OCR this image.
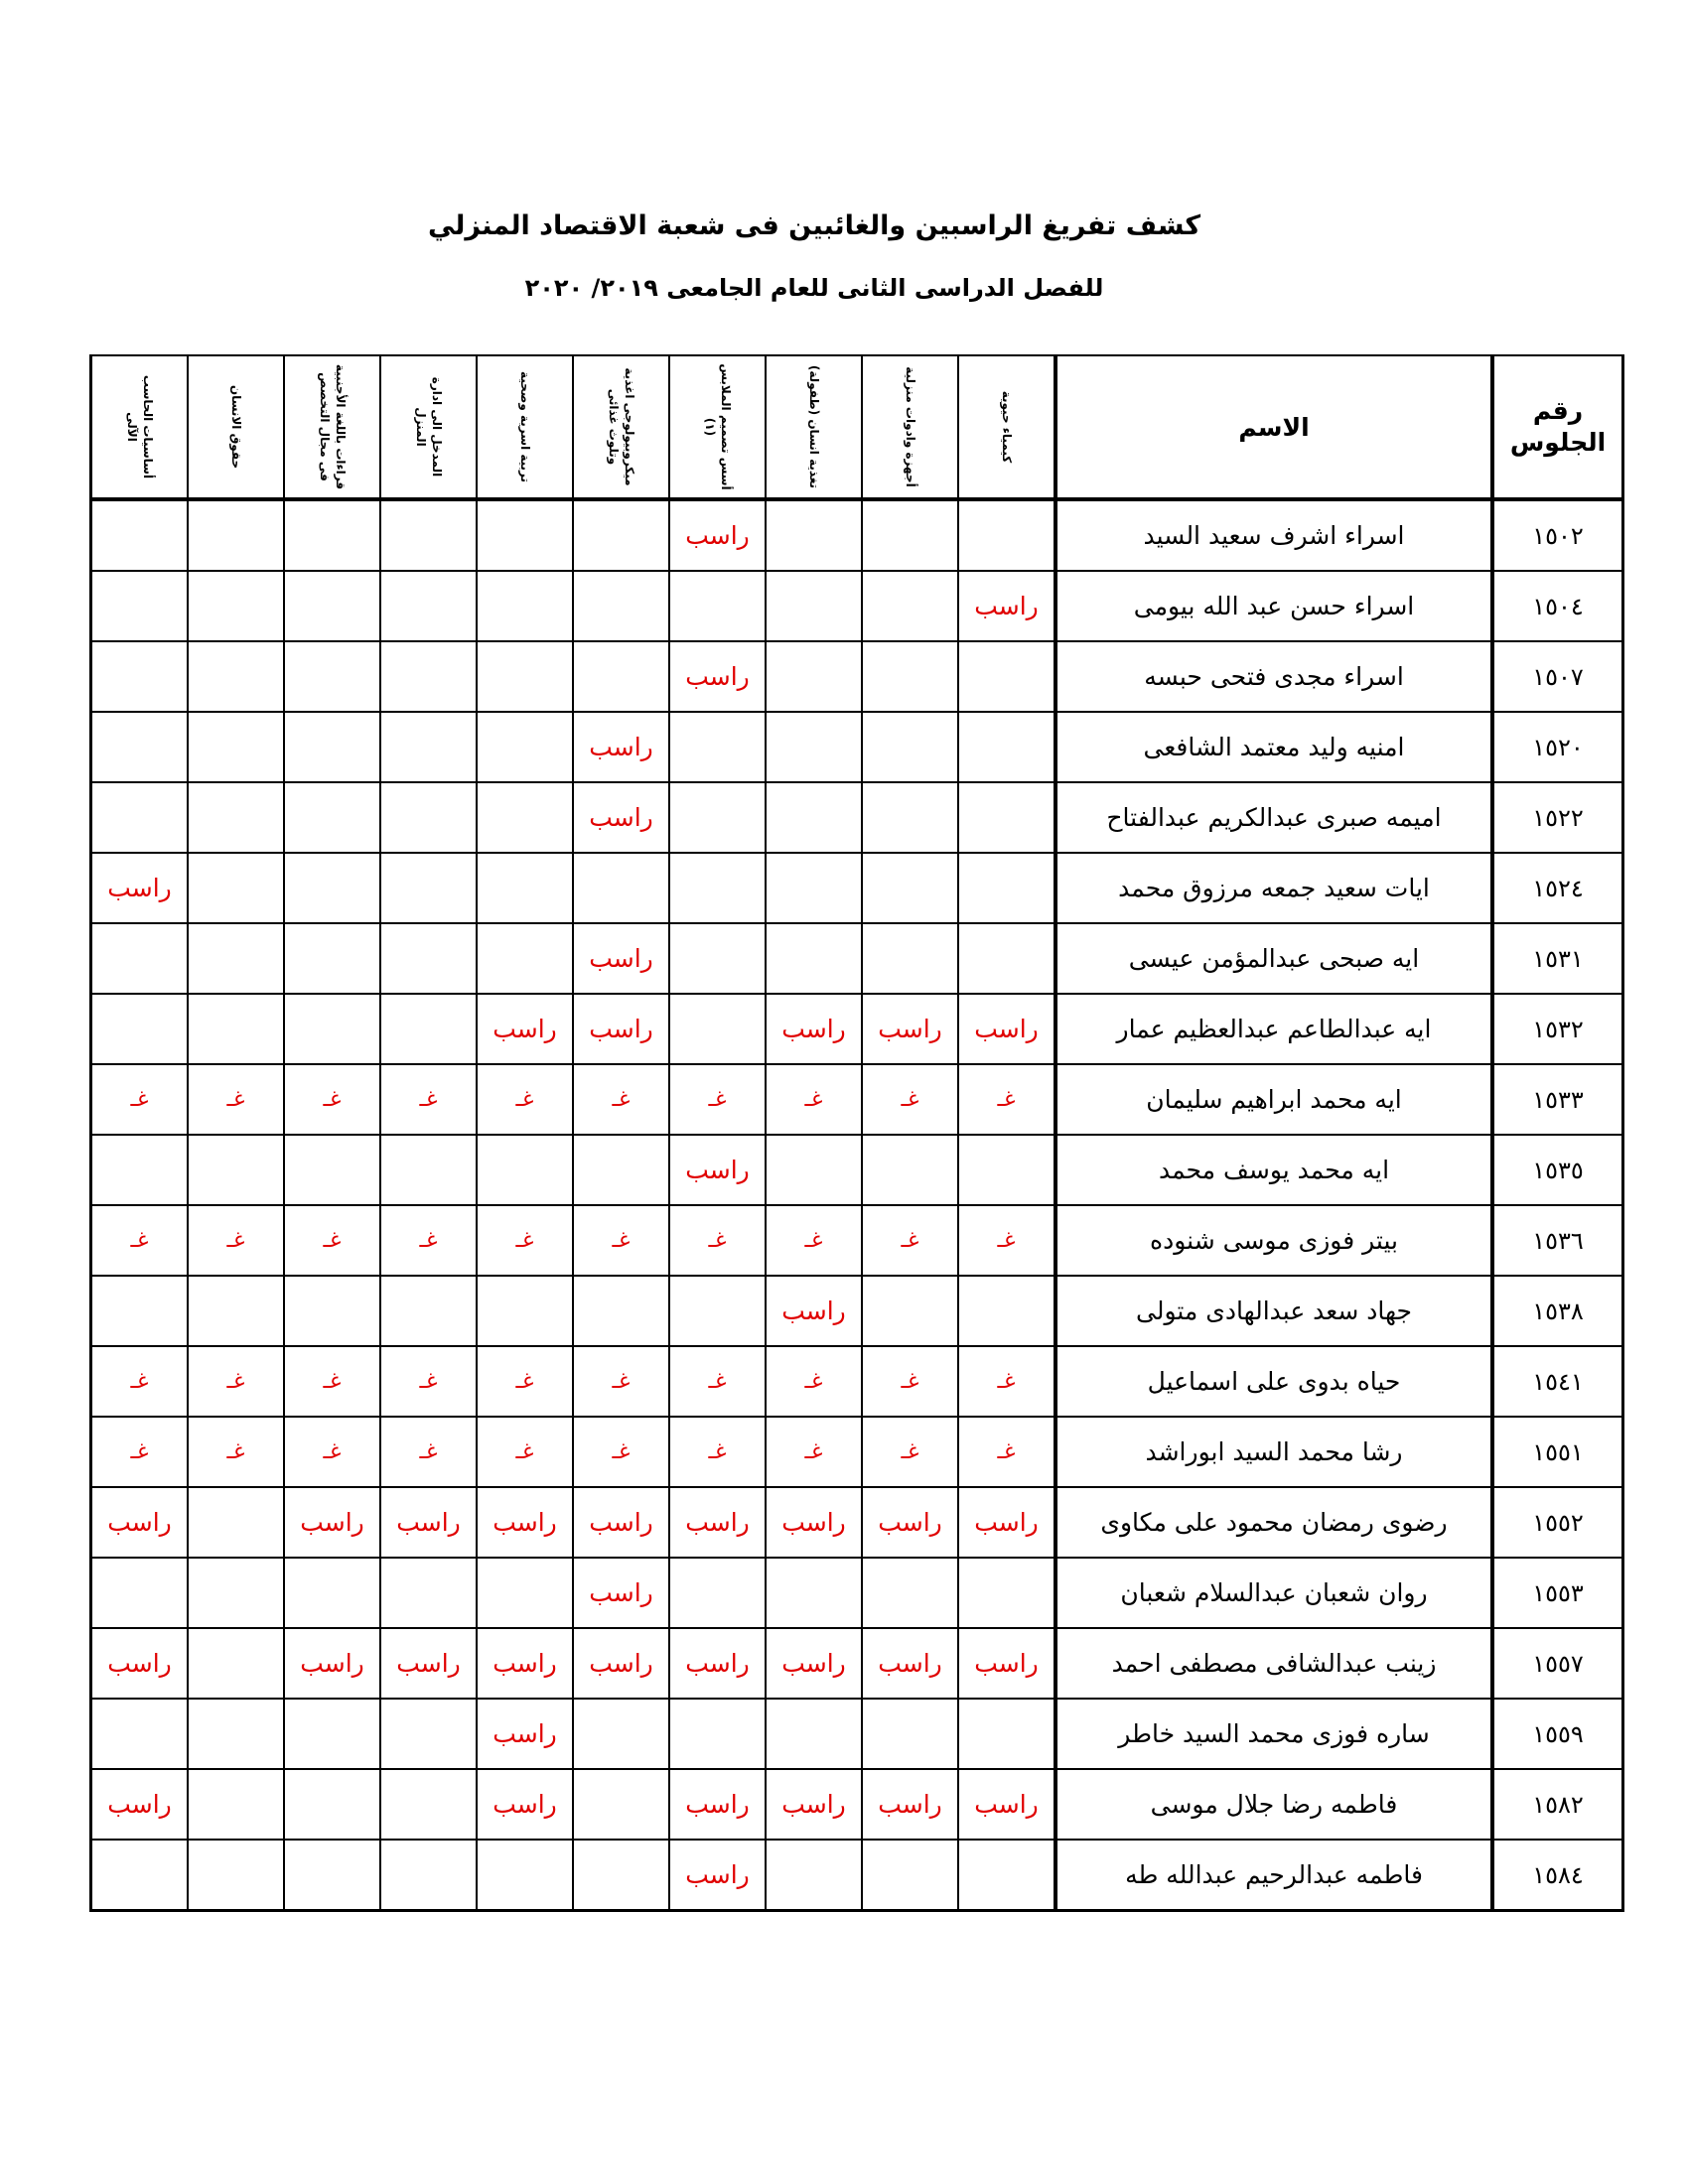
كشف تفريغ الراسبين والغائبين فى شعبة الاقتصاد المنزلي
للفصل الدراسى الثانى للعام الجامعى ٢٠١٩/ ٢٠٢٠
رقم الجلوس	الاسم	كيمياء حيوية	أجهزة وادوات منزلية	تغذية انسان (طفولة)	أسس تصميم الملابس (١)	ميكروبيولوجى اغذية وتلوث غذائى	تربية اسرية وصحية	المدخل الى ادارة المنزل	قراءات باللغة الأجنبية فى مجال التخصص	حقوق الانسان	أساسيات الحاسب الآلى

١٥٠٢	اسراء اشرف سعيد السيد				راسب						
١٥٠٤	اسراء حسن عبد الله بيومى	راسب									
١٥٠٧	اسراء مجدى فتحى حبسه				راسب						
١٥٢٠	امنيه وليد معتمد الشافعى					راسب					
١٥٢٢	اميمه صبرى عبدالكريم عبدالفتاح					راسب					
١٥٢٤	ايات سعيد جمعه مرزوق محمد										راسب
١٥٣١	ايه صبحى عبدالمؤمن عيسى					راسب					
١٥٣٢	ايه عبدالطاعم عبدالعظيم عمار	راسب	راسب	راسب		راسب	راسب				
١٥٣٣	ايه محمد ابراهيم سليمان	غـ	غـ	غـ	غـ	غـ	غـ	غـ	غـ	غـ	غـ
١٥٣٥	ايه محمد يوسف محمد				راسب						
١٥٣٦	بيتر فوزى موسى شنوده	غـ	غـ	غـ	غـ	غـ	غـ	غـ	غـ	غـ	غـ
١٥٣٨	جهاد سعد عبدالهادى متولى			راسب							
١٥٤١	حياه بدوى على اسماعيل	غـ	غـ	غـ	غـ	غـ	غـ	غـ	غـ	غـ	غـ
١٥٥١	رشا محمد السيد ابوراشد	غـ	غـ	غـ	غـ	غـ	غـ	غـ	غـ	غـ	غـ
١٥٥٢	رضوى رمضان محمود على مكاوى	راسب	راسب	راسب	راسب	راسب	راسب	راسب	راسب		راسب
١٥٥٣	روان شعبان عبدالسلام شعبان					راسب					
١٥٥٧	زينب عبدالشافى مصطفى احمد	راسب	راسب	راسب	راسب	راسب	راسب	راسب	راسب		راسب
١٥٥٩	ساره فوزى محمد السيد خاطر						راسب				
١٥٨٢	فاطمه رضا جلال موسى	راسب	راسب	راسب	راسب		راسب				راسب
١٥٨٤	فاطمه عبدالرحيم عبدالله طه				راسب						
